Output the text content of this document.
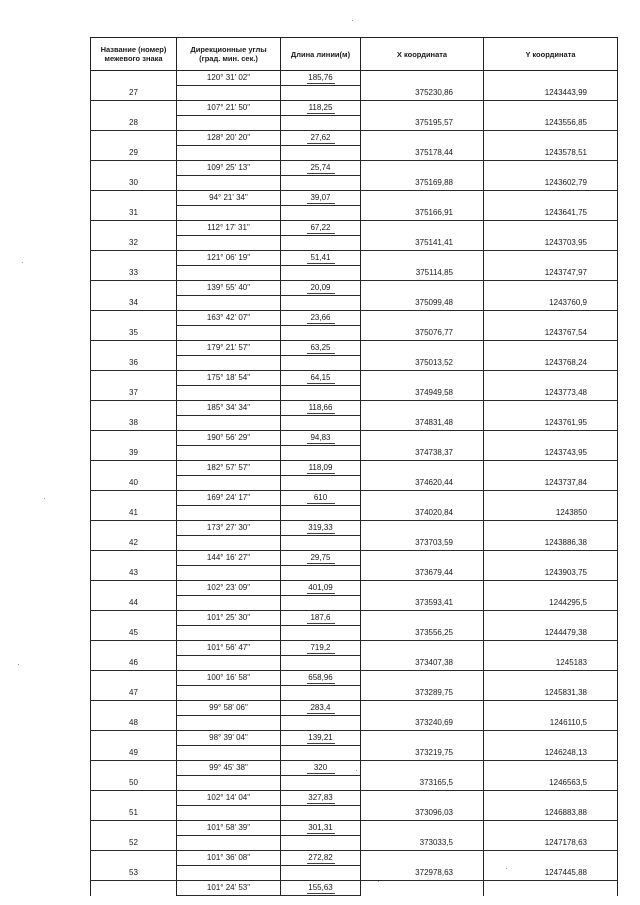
Название (номер) межевого знака	Дирекционные углы (град. мин. сек.)	Длина линии(м)	X координата	Y координата
	120° 31' 02"	185,76		
27			375230,86	1243443,99
	107° 21' 50"	118,25		
28			375195,57	1243556,85
	128° 20' 20"	27,62		
29			375178,44	1243578,51
	109° 25' 13"	25,74		
30			375169,88	1243602,79
	94° 21' 34"	39,07		
31			375166,91	1243641,75
	112° 17' 31"	67,22		
32			375141,41	1243703,95
	121° 06' 19"	51,41		
33			375114,85	1243747,97
	139° 55' 40"	20,09		
34			375099,48	1243760,9
	163° 42' 07"	23,66		
35			375076,77	1243767,54
	179° 21' 57"	63,25		
36			375013,52	1243768,24
	175° 18' 54"	64,15		
37			374949,58	1243773,48
	185° 34' 34"	118,66		
38			374831,48	1243761,95
	190° 56' 29"	94,83		
39			374738,37	1243743,95
	182° 57' 57"	118,09		
40			374620,44	1243737,84
	169° 24' 17"	610		
41			374020,84	1243850
	173° 27' 30"	319,33		
42			373703,59	1243886,38
	144° 16' 27"	29,75		
43			373679,44	1243903,75
	102° 23' 09"	401,09		
44			373593,41	1244295,5
	101° 25' 30"	187,6		
45			373556,25	1244479,38
	101° 56' 47"	719,2		
46			373407,38	1245183
	100° 16' 58"	658,96		
47			373289,75	1245831,38
	99° 58' 06"	283,4		
48			373240,69	1246110,5
	98° 39' 04"	139,21		
49			373219,75	1246248,13
	99° 45' 38"	320		
50			373165,5	1246563,5
	102° 14' 04"	327,83		
51			373096,03	1246883,88
	101° 58' 39"	301,31		
52			373033,5	1247178,63
	101° 36' 08"	272,82		
53			372978,63	1247445,88
	101° 24' 53"	155,63		
